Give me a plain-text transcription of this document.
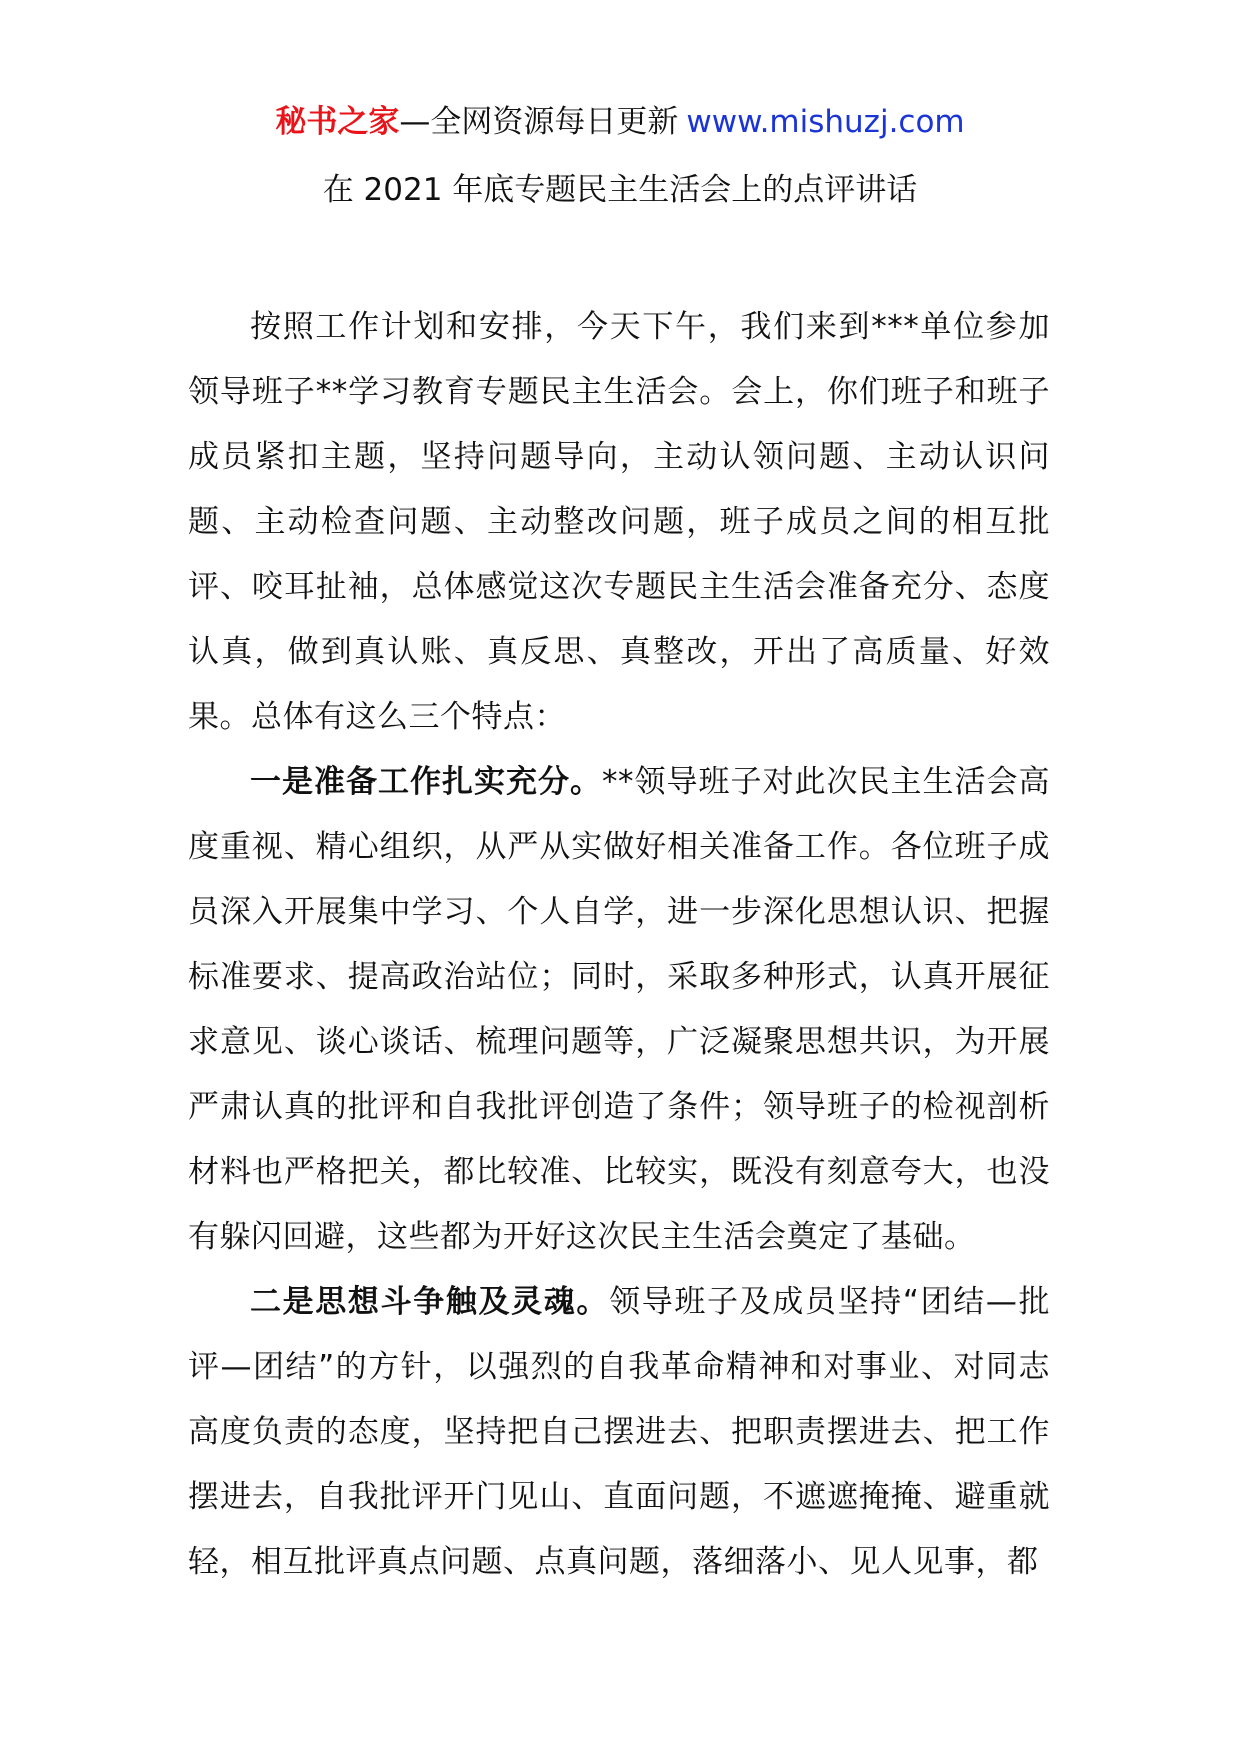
秘书之家—全网资源每日更新 www.mishuzj.com
在 2021 年底专题民主生活会上的点评讲话

按照工作计划和安排，今天下午，我们来到***单位参加领导班子**学习教育专题民主生活会。会上，你们班子和班子成员紧扣主题，坚持问题导向，主动认领问题、主动认识问题、主动检查问题、主动整改问题，班子成员之间的相互批评、咬耳扯袖，总体感觉这次专题民主生活会准备充分、态度认真，做到真认账、真反思、真整改，开出了高质量、好效果。总体有这么三个特点：

一是准备工作扎实充分。**领导班子对此次民主生活会高度重视、精心组织，从严从实做好相关准备工作。各位班子成员深入开展集中学习、个人自学，进一步深化思想认识、把握标准要求、提高政治站位；同时，采取多种形式，认真开展征求意见、谈心谈话、梳理问题等，广泛凝聚思想共识，为开展严肃认真的批评和自我批评创造了条件；领导班子的检视剖析材料也严格把关，都比较准、比较实，既没有刻意夸大，也没有躲闪回避，这些都为开好这次民主生活会奠定了基础。

二是思想斗争触及灵魂。领导班子及成员坚持“团结—批评—团结”的方针，以强烈的自我革命精神和对事业、对同志高度负责的态度，坚持把自己摆进去、把职责摆进去、把工作摆进去，自我批评开门见山、直面问题，不遮遮掩掩、避重就轻，相互批评真点问题、点真问题，落细落小、见人见事，都
